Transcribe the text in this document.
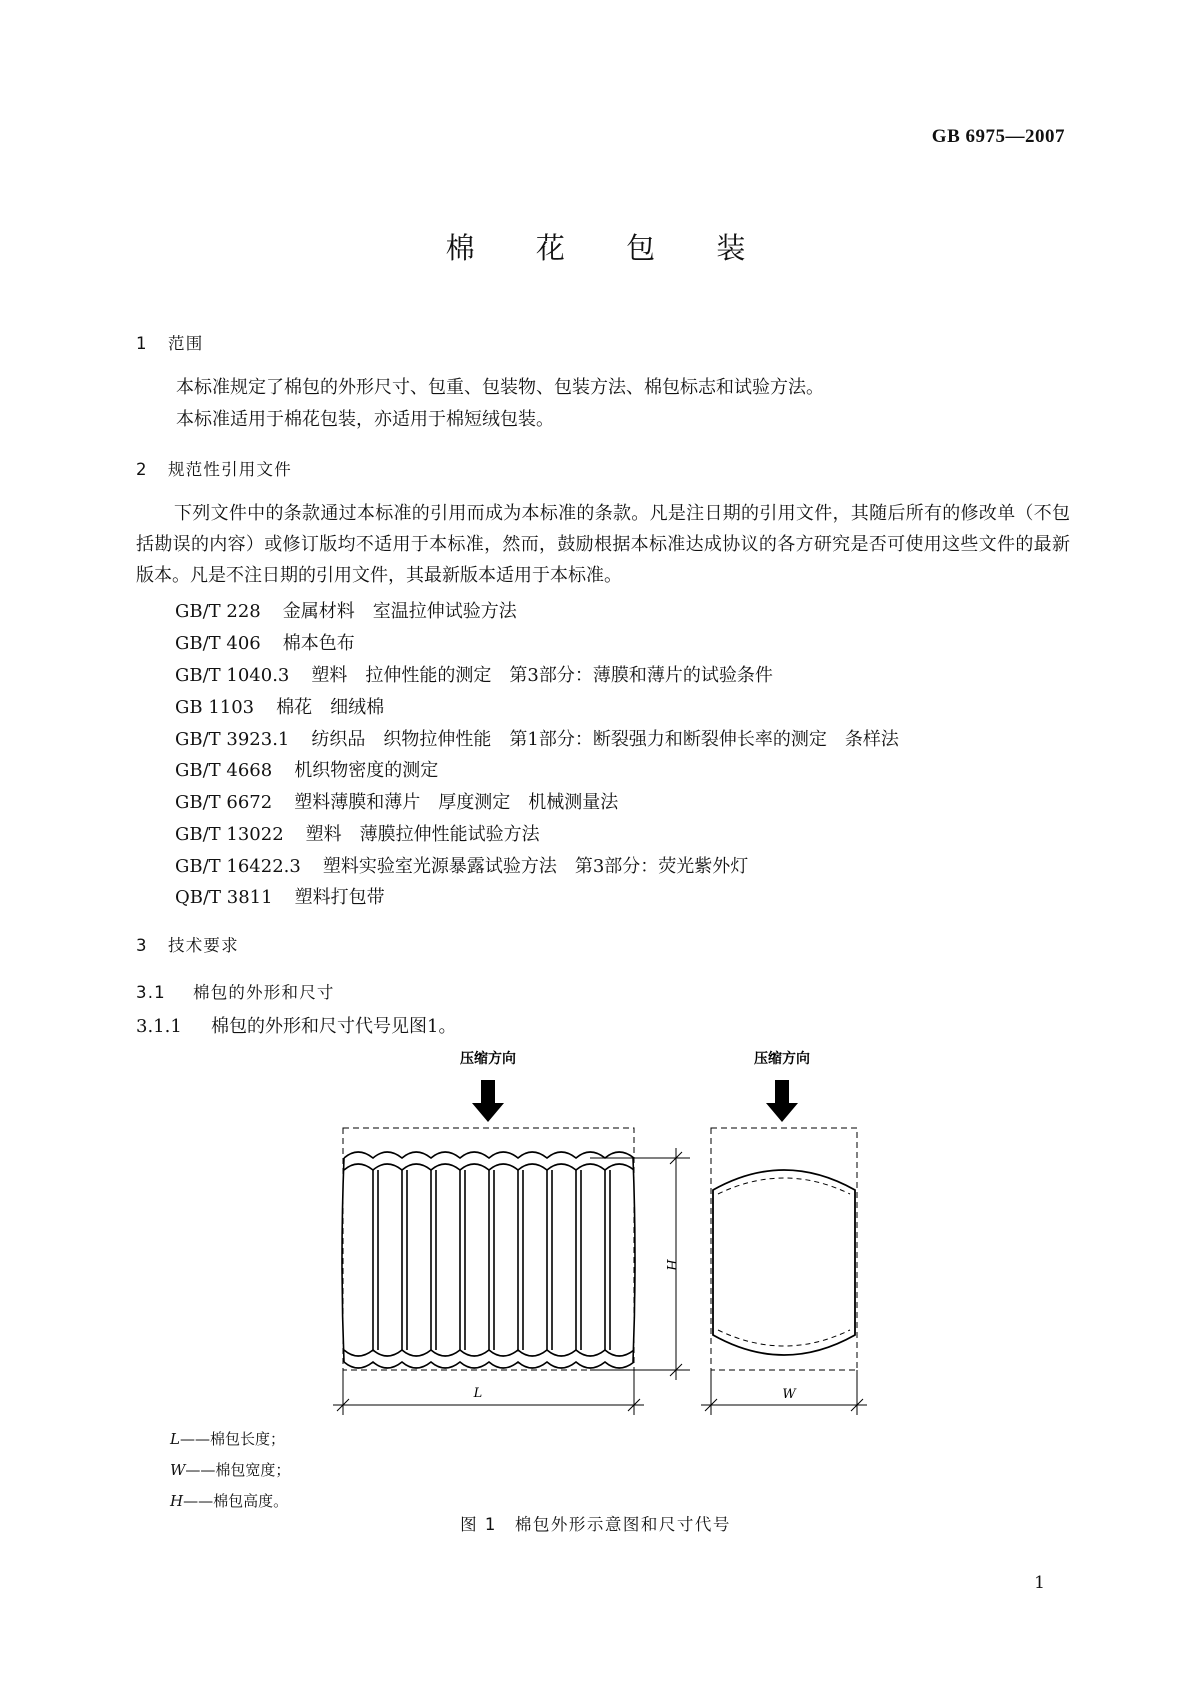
GB 6975—2007
棉 花 包 装
1 范围
本标准规定了棉包的外形尺寸、包重、包装物、包装方法、棉包标志和试验方法。
本标准适用于棉花包装，亦适用于棉短绒包装。
2 规范性引用文件
下列文件中的条款通过本标准的引用而成为本标准的条款。凡是注日期的引用文件，其随后所有的修改单（不包括勘误的内容）或修订版均不适用于本标准，然而，鼓励根据本标准达成协议的各方研究是否可使用这些文件的最新版本。凡是不注日期的引用文件，其最新版本适用于本标准。
GB/T 228 金属材料　室温拉伸试验方法
GB/T 406 棉本色布
GB/T 1040.3 塑料　拉伸性能的测定　第3部分：薄膜和薄片的试验条件
GB 1103 棉花　细绒棉
GB/T 3923.1 纺织品　织物拉伸性能　第1部分：断裂强力和断裂伸长率的测定　条样法
GB/T 4668 机织物密度的测定
GB/T 6672 塑料薄膜和薄片　厚度测定　机械测量法
GB/T 13022 塑料　薄膜拉伸性能试验方法
GB/T 16422.3 塑料实验室光源暴露试验方法　第3部分：荧光紫外灯
QB/T 3811 塑料打包带
3 技术要求
3.1 棉包的外形和尺寸
3.1.1 棉包的外形和尺寸代号见图1。
压缩方向	压缩方向
H
L	W
L——棉包长度；
W——棉包宽度；
H——棉包高度。
图 1　棉包外形示意图和尺寸代号
1
